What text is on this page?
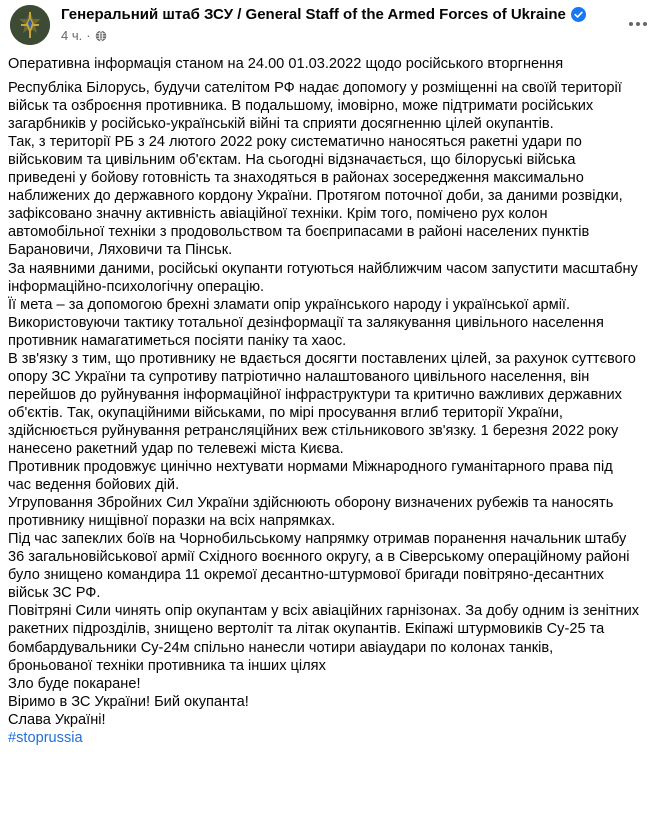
Генеральний штаб ЗСУ / General Staff of the Armed Forces of Ukraine
4 ч. ·

Оперативна інформація станом на 24.00 01.03.2022 щодо російського вторгнення

Республіка Білорусь, будучи сателітом РФ надає допомогу у розміщенні на своїй території

військ та озброєння противника. В подальшому, імовірно, може підтримати російських

загарбників у російсько-українській війні та сприяти досягненню цілей окупантів.

Так, з території РБ з 24 лютого 2022 року систематично наносяться ракетні удари по

військовим та цивільним об'єктам. На сьогодні відзначається, що білоруські війська

приведені у бойову готовність та знаходяться в районах зосередження максимально

наближених до державного кордону України. Протягом поточної доби, за даними розвідки,

зафіксовано значну активність авіаційної техніки. Крім того, помічено рух колон

автомобільної техніки з продовольством та боєприпасами в районі населених пунктів

Барановичи, Ляховичи та Пінськ.

За наявними даними, російські окупанти готуються найближчим часом запустити масштабну

інформаційно-психологічну операцію.

Її мета – за допомогою брехні зламати опір українського народу і української армії.

Використовуючи тактику тотальної дезінформації та залякування цивільного населення

противник намагатиметься посіяти паніку та хаос.

В зв'язку з тим, що противнику не вдається досягти поставлених цілей, за рахунок суттєвого

опору ЗС України та супротиву патріотично налаштованого цивільного населення, він

перейшов до руйнування інформаційної інфраструктури та критично важливих державних

об'єктів. Так, окупаційними військами, по мірі просування вглиб території України,

здійснюється руйнування ретрансляційних веж стільникового зв'язку. 1 березня 2022 року

нанесено ракетний удар по телевежі міста Києва.

Противник продовжує цинічно нехтувати нормами Міжнародного гуманітарного права під

час ведення бойових дій.

Угруповання Збройних Сил України здійснюють оборону визначених рубежів та наносять

противнику нищівної поразки на всіх напрямках.

Під час запеклих боїв на Чорнобильському напрямку отримав поранення начальник штабу

36 загальновійськової армії Східного воєнного округу, а в Сіверському операційному районі

було знищено командира 11 окремої десантно-штурмової бригади повітряно-десантних

військ ЗС РФ.

Повітряні Сили чинять опір окупантам у всіх авіаційних гарнізонах. За добу одним із зенітних

ракетних підрозділів, знищено вертоліт та літак окупантів. Екіпажі штурмовиків Су-25 та

бомбардувальники Су-24м спільно нанесли чотири авіаудари по колонах танків,

броньованої техніки противника та інших цілях

Зло буде покаране!

Віримо в ЗС України! Бий окупанта!

Слава Україні!

#stoprussia
